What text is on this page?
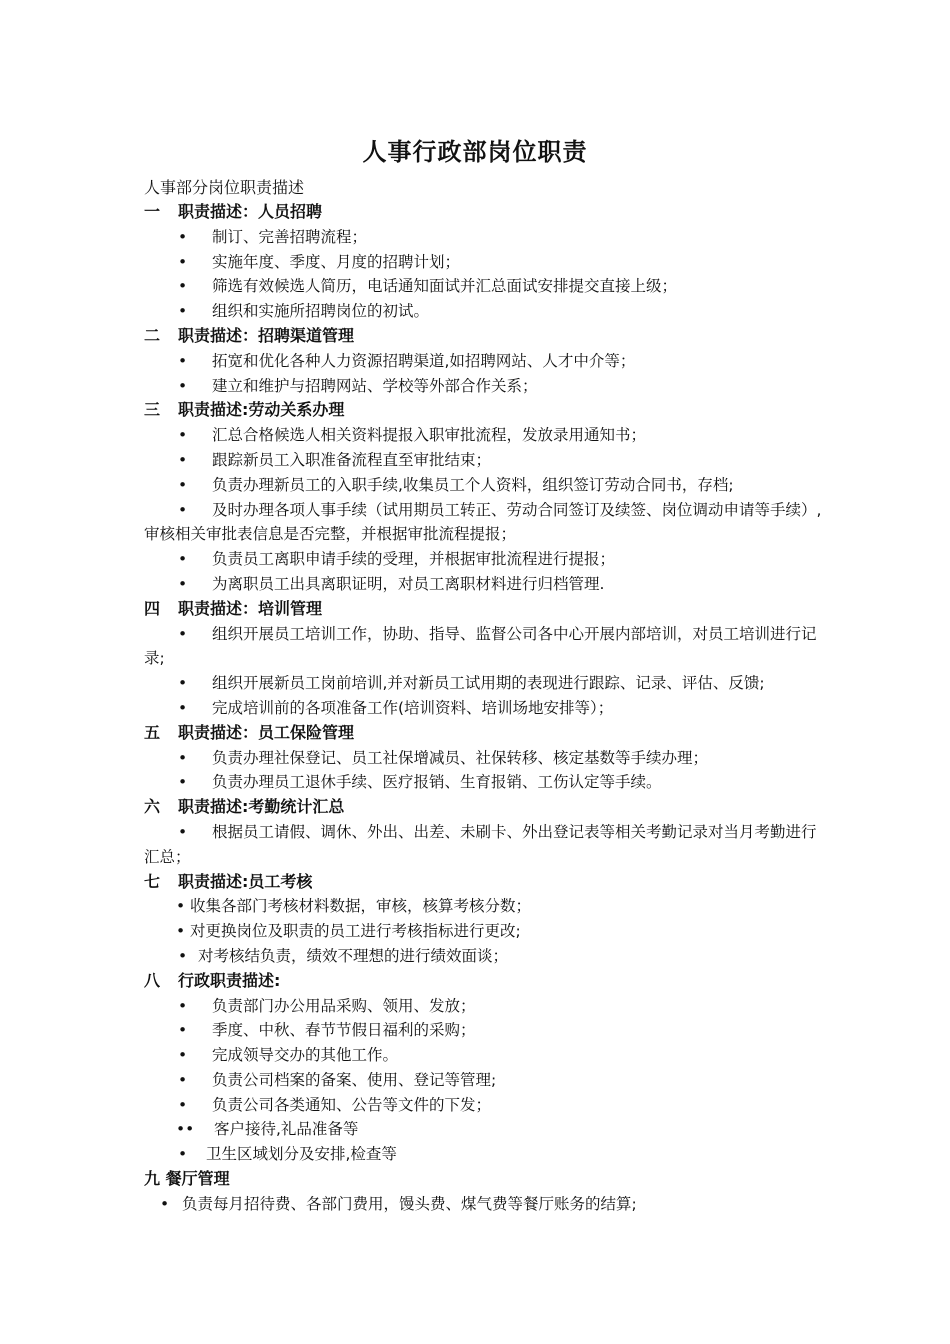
人事行政部岗位职责
人事部分岗位职责描述
一 职责描述：人员招聘
• 制订、完善招聘流程；
• 实施年度、季度、月度的招聘计划；
• 筛选有效候选人简历，电话通知面试并汇总面试安排提交直接上级；
• 组织和实施所招聘岗位的初试。
二 职责描述：招聘渠道管理
• 拓宽和优化各种人力资源招聘渠道,如招聘网站、人才中介等；
• 建立和维护与招聘网站、学校等外部合作关系；
三 职责描述:劳动关系办理
• 汇总合格候选人相关资料提报入职审批流程，发放录用通知书；
• 跟踪新员工入职准备流程直至审批结束；
• 负责办理新员工的入职手续,收集员工个人资料，组织签订劳动合同书，存档;
• 及时办理各项人事手续（试用期员工转正、劳动合同签订及续签、岗位调动申请等手续）,审核相关审批表信息是否完整，并根据审批流程提报；
• 负责员工离职申请手续的受理，并根据审批流程进行提报；
• 为离职员工出具离职证明，对员工离职材料进行归档管理.
四 职责描述：培训管理
• 组织开展员工培训工作，协助、指导、监督公司各中心开展内部培训，对员工培训进行记录;
• 组织开展新员工岗前培训,并对新员工试用期的表现进行跟踪、记录、评估、反馈;
• 完成培训前的各项准备工作(培训资料、培训场地安排等）；
五 职责描述：员工保险管理
• 负责办理社保登记、员工社保增减员、社保转移、核定基数等手续办理；
• 负责办理员工退休手续、医疗报销、生育报销、工伤认定等手续。
六 职责描述:考勤统计汇总
• 根据员工请假、调休、外出、出差、未刷卡、外出登记表等相关考勤记录对当月考勤进行汇总；
七 职责描述:员工考核
• 收集各部门考核材料数据，审核，核算考核分数；
• 对更换岗位及职责的员工进行考核指标进行更改;
• 对考核结负责，绩效不理想的进行绩效面谈；
八 行政职责描述:
• 负责部门办公用品采购、领用、发放；
• 季度、中秋、春节节假日福利的采购；
• 完成领导交办的其他工作。
• 负责公司档案的备案、使用、登记等管理;
• 负责公司各类通知、公告等文件的下发；
•• 客户接待,礼品准备等
• 卫生区域划分及安排,检查等
九 餐厅管理
• 负责每月招待费、各部门费用，馒头费、煤气费等餐厅账务的结算;
